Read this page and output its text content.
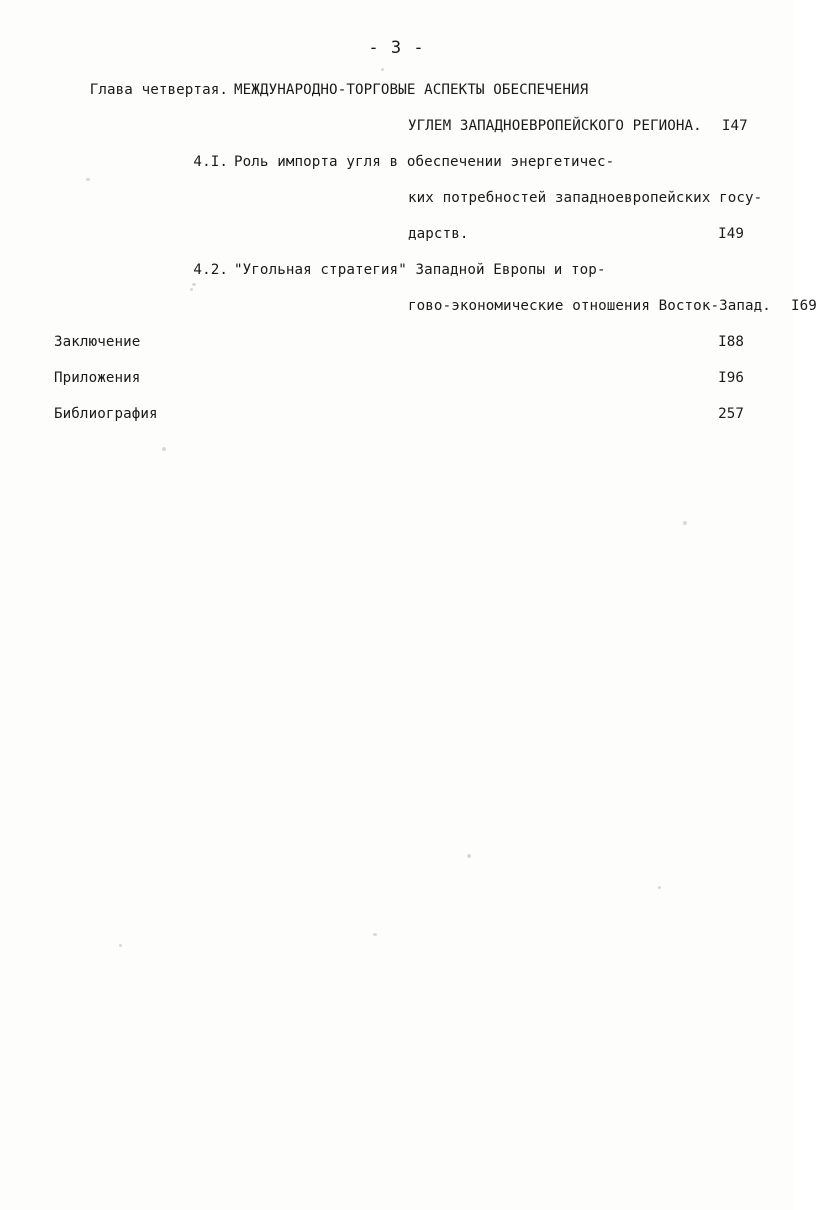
- 3 -
Глава четвертая. МЕЖДУНАРОДНО-ТОРГОВЫЕ АСПЕКТЫ ОБЕСПЕЧЕНИЯ
УГЛЕМ ЗАПАДНОЕВРОПЕЙСКОГО РЕГИОНА.	I47
4.I. Роль импорта угля в обеспечении энергетичес-
ких потребностей западноевропейских госу-
дарств.	I49
4.2. "Угольная стратегия" Западной Европы и тор-
гово-экономические отношения Восток-Запад.	I69
Заключение	I88
Приложения	I96
Библиография	257
